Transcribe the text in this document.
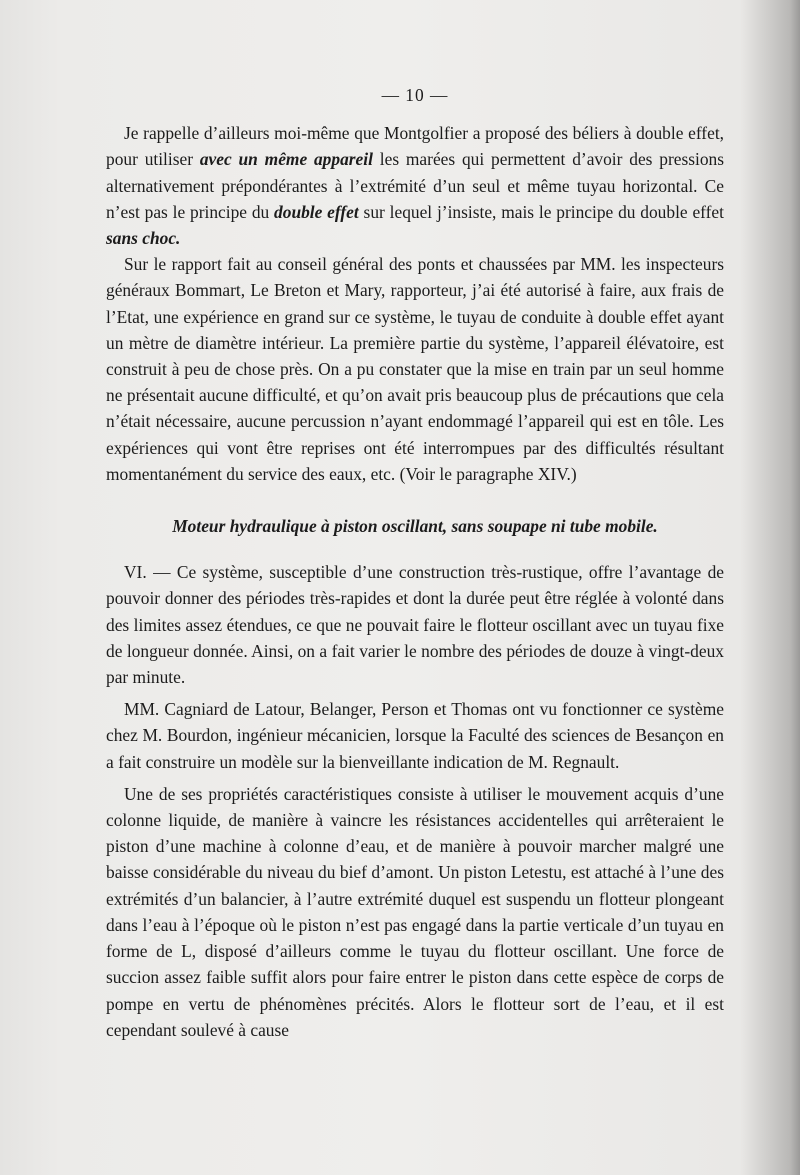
— 10 —

Je rappelle d’ailleurs moi-même que Montgolfier a proposé des béliers à double effet, pour utiliser avec un même appareil les marées qui permettent d’avoir des pressions alternativement prépondérantes à l’extrémité d’un seul et même tuyau horizontal. Ce n’est pas le principe du double effet sur lequel j’insiste, mais le principe du double effet sans choc.

Sur le rapport fait au conseil général des ponts et chaussées par MM. les inspecteurs généraux Bommart, Le Breton et Mary, rapporteur, j’ai été autorisé à faire, aux frais de l’Etat, une expérience en grand sur ce système, le tuyau de conduite à double effet ayant un mètre de diamètre intérieur. La première partie du système, l’appareil élévatoire, est construit à peu de chose près. On a pu constater que la mise en train par un seul homme ne présentait aucune difficulté, et qu’on avait pris beaucoup plus de précautions que cela n’était nécessaire, aucune percussion n’ayant endommagé l’appareil qui est en tôle. Les expériences qui vont être reprises ont été interrompues par des difficultés résultant momentanément du service des eaux, etc. (Voir le paragraphe XIV.)

Moteur hydraulique à piston oscillant, sans soupape ni tube mobile.

VI. — Ce système, susceptible d’une construction très-rustique, offre l’avantage de pouvoir donner des périodes très-rapides et dont la durée peut être réglée à volonté dans des limites assez étendues, ce que ne pouvait faire le flotteur oscillant avec un tuyau fixe de longueur donnée. Ainsi, on a fait varier le nombre des périodes de douze à vingt-deux par minute.

MM. Cagniard de Latour, Belanger, Person et Thomas ont vu fonctionner ce système chez M. Bourdon, ingénieur mécanicien, lorsque la Faculté des sciences de Besançon en a fait construire un modèle sur la bienveillante indication de M. Regnault.

Une de ses propriétés caractéristiques consiste à utiliser le mouvement acquis d’une colonne liquide, de manière à vaincre les résistances accidentelles qui arrêteraient le piston d’une machine à colonne d’eau, et de manière à pouvoir marcher malgré une baisse considérable du niveau du bief d’amont. Un piston Letestu, est attaché à l’une des extrémités d’un balancier, à l’autre extrémité duquel est suspendu un flotteur plongeant dans l’eau à l’époque où le piston n’est pas engagé dans la partie verticale d’un tuyau en forme de L, disposé d’ailleurs comme le tuyau du flotteur oscillant. Une force de succion assez faible suffit alors pour faire entrer le piston dans cette espèce de corps de pompe en vertu de phénomènes précités. Alors le flotteur sort de l’eau, et il est cependant soulevé à cause
